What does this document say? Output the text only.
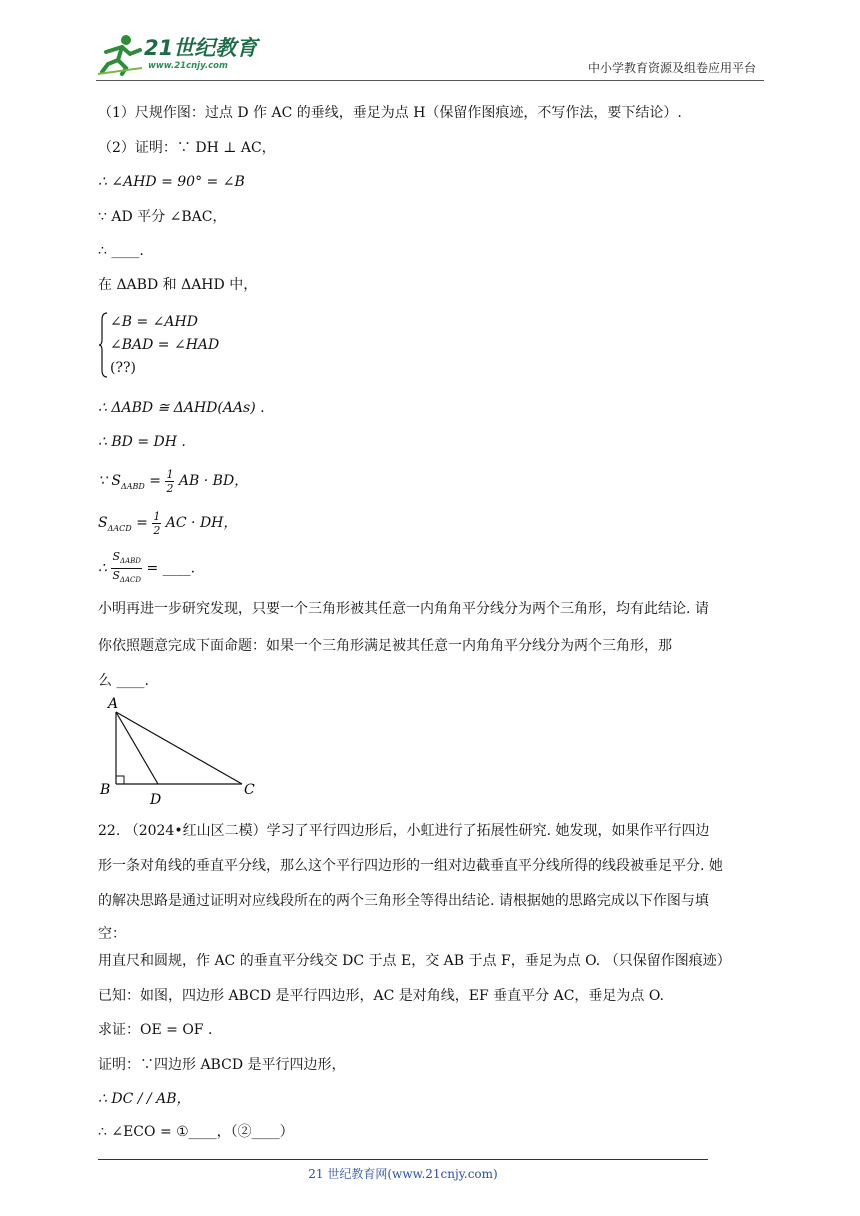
21世纪教育
www.21cnjy.com	中小学教育资源及组卷应用平台
（1）尺规作图：过点 D 作 AC 的垂线，垂足为点 H（保留作图痕迹，不写作法，要下结论）.
（2）证明：∵ DH ⊥ AC，
∴ ∠AHD = 90° = ∠B
∵ AD 平分 ∠BAC，
∴ ____.
在 ΔABD 和 ΔAHD 中，
∠B = ∠AHD
∠BAD = ∠HAD
(??)
∴ ΔABD ≅ ΔAHD(AAs) .
∴ BD = DH .
∵ $S_{\Delta ABD} = \frac{1}{2}$ AB · BD，
$S_{\Delta ACD} = \frac{1}{2}$ AC · DH，
∴ $\frac{S_{\Delta ABD}}{S_{\Delta ACD}}$ = ____.
小明再进一步研究发现，只要一个三角形被其任意一内角角平分线分为两个三角形，均有此结论. 请
你依照题意完成下面命题：如果一个三角形满足被其任意一内角角平分线分为两个三角形，那
么 ____.
A
B	C
D
22. （2024•红山区二模）学习了平行四边形后，小虹进行了拓展性研究. 她发现，如果作平行四边
形一条对角线的垂直平分线，那么这个平行四边形的一组对边截垂直平分线所得的线段被垂足平分. 她
的解决思路是通过证明对应线段所在的两个三角形全等得出结论. 请根据她的思路完成以下作图与填
空：
用直尺和圆规，作 AC 的垂直平分线交 DC 于点 E，交 AB 于点 F，垂足为点 O. （只保留作图痕迹）
已知：如图，四边形 ABCD 是平行四边形，AC 是对角线，EF 垂直平分 AC，垂足为点 O.
求证：OE = OF .
证明：∵四边形 ABCD 是平行四边形，
∴ DC / / AB，
∴ ∠ECO = ①____，（②____）
21 世纪教育网(www.21cnjy.com)
